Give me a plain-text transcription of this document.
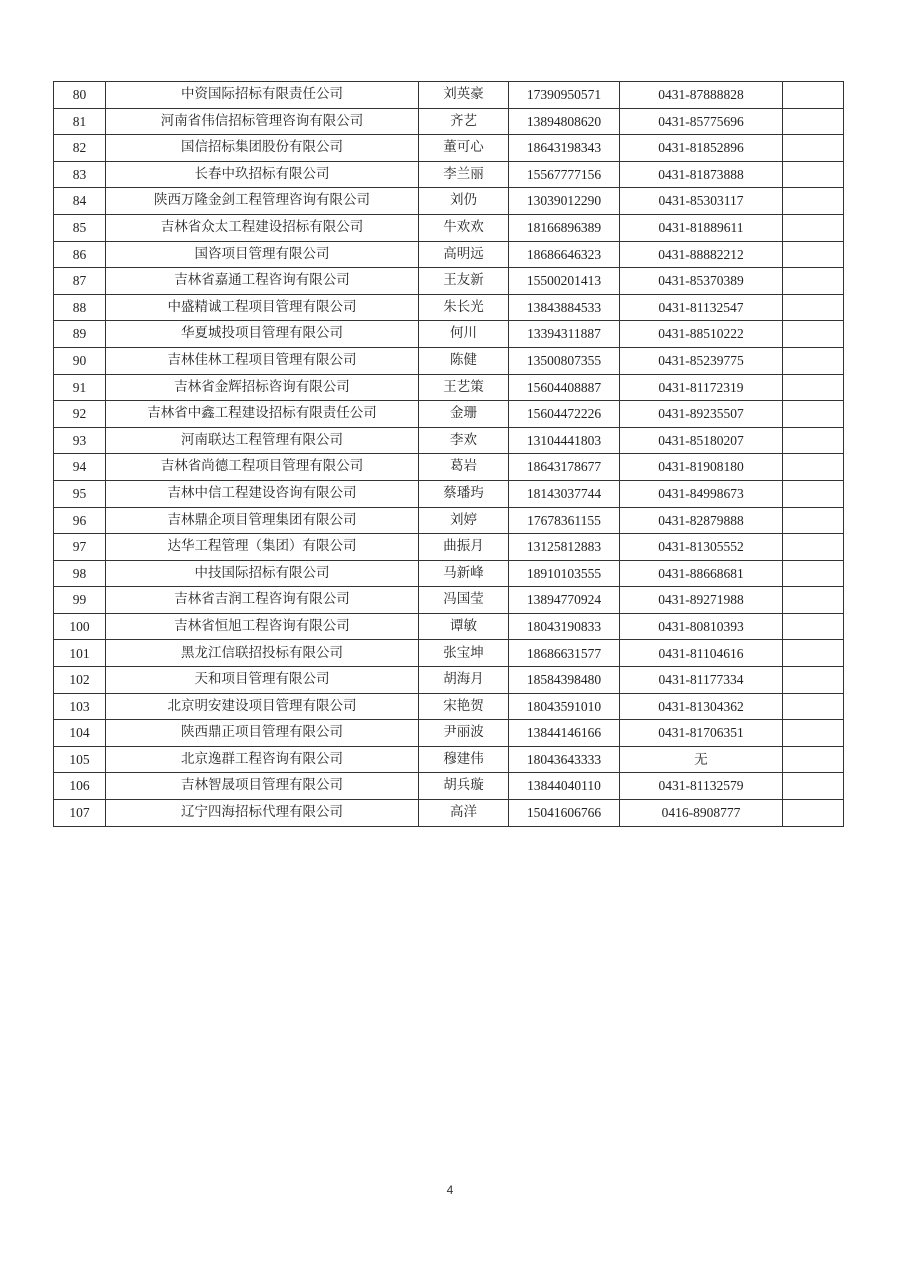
80	中资国际招标有限责任公司	刘英豪	17390950571	0431-87888828	
81	河南省伟信招标管理咨询有限公司	齐艺	13894808620	0431-85775696	
82	国信招标集团股份有限公司	董可心	18643198343	0431-81852896	
83	长春中玖招标有限公司	李兰丽	15567777156	0431-81873888	
84	陕西万隆金剑工程管理咨询有限公司	刘仍	13039012290	0431-85303117	
85	吉林省众太工程建设招标有限公司	牛欢欢	18166896389	0431-81889611	
86	国咨项目管理有限公司	高明远	18686646323	0431-88882212	
87	吉林省嘉通工程咨询有限公司	王友新	15500201413	0431-85370389	
88	中盛精诚工程项目管理有限公司	朱长光	13843884533	0431-81132547	
89	华夏城投项目管理有限公司	何川	13394311887	0431-88510222	
90	吉林佳林工程项目管理有限公司	陈健	13500807355	0431-85239775	
91	吉林省金辉招标咨询有限公司	王艺策	15604408887	0431-81172319	
92	吉林省中鑫工程建设招标有限责任公司	金珊	15604472226	0431-89235507	
93	河南联达工程管理有限公司	李欢	13104441803	0431-85180207	
94	吉林省尚德工程项目管理有限公司	葛岩	18643178677	0431-81908180	
95	吉林中信工程建设咨询有限公司	蔡璠玙	18143037744	0431-84998673	
96	吉林鼎企项目管理集团有限公司	刘婷	17678361155	0431-82879888	
97	达华工程管理（集团）有限公司	曲振月	13125812883	0431-81305552	
98	中技国际招标有限公司	马新峰	18910103555	0431-88668681	
99	吉林省吉润工程咨询有限公司	冯国莹	13894770924	0431-89271988	
100	吉林省恒旭工程咨询有限公司	谭敏	18043190833	0431-80810393	
101	黑龙江信联招投标有限公司	张宝坤	18686631577	0431-81104616	
102	天和项目管理有限公司	胡海月	18584398480	0431-81177334	
103	北京明安建设项目管理有限公司	宋艳贺	18043591010	0431-81304362	
104	陕西鼎正项目管理有限公司	尹丽波	13844146166	0431-81706351	
105	北京逸群工程咨询有限公司	穆建伟	18043643333	无	
106	吉林智晟项目管理有限公司	胡兵璇	13844040110	0431-81132579	
107	辽宁四海招标代理有限公司	高洋	15041606766	0416-8908777	
4
